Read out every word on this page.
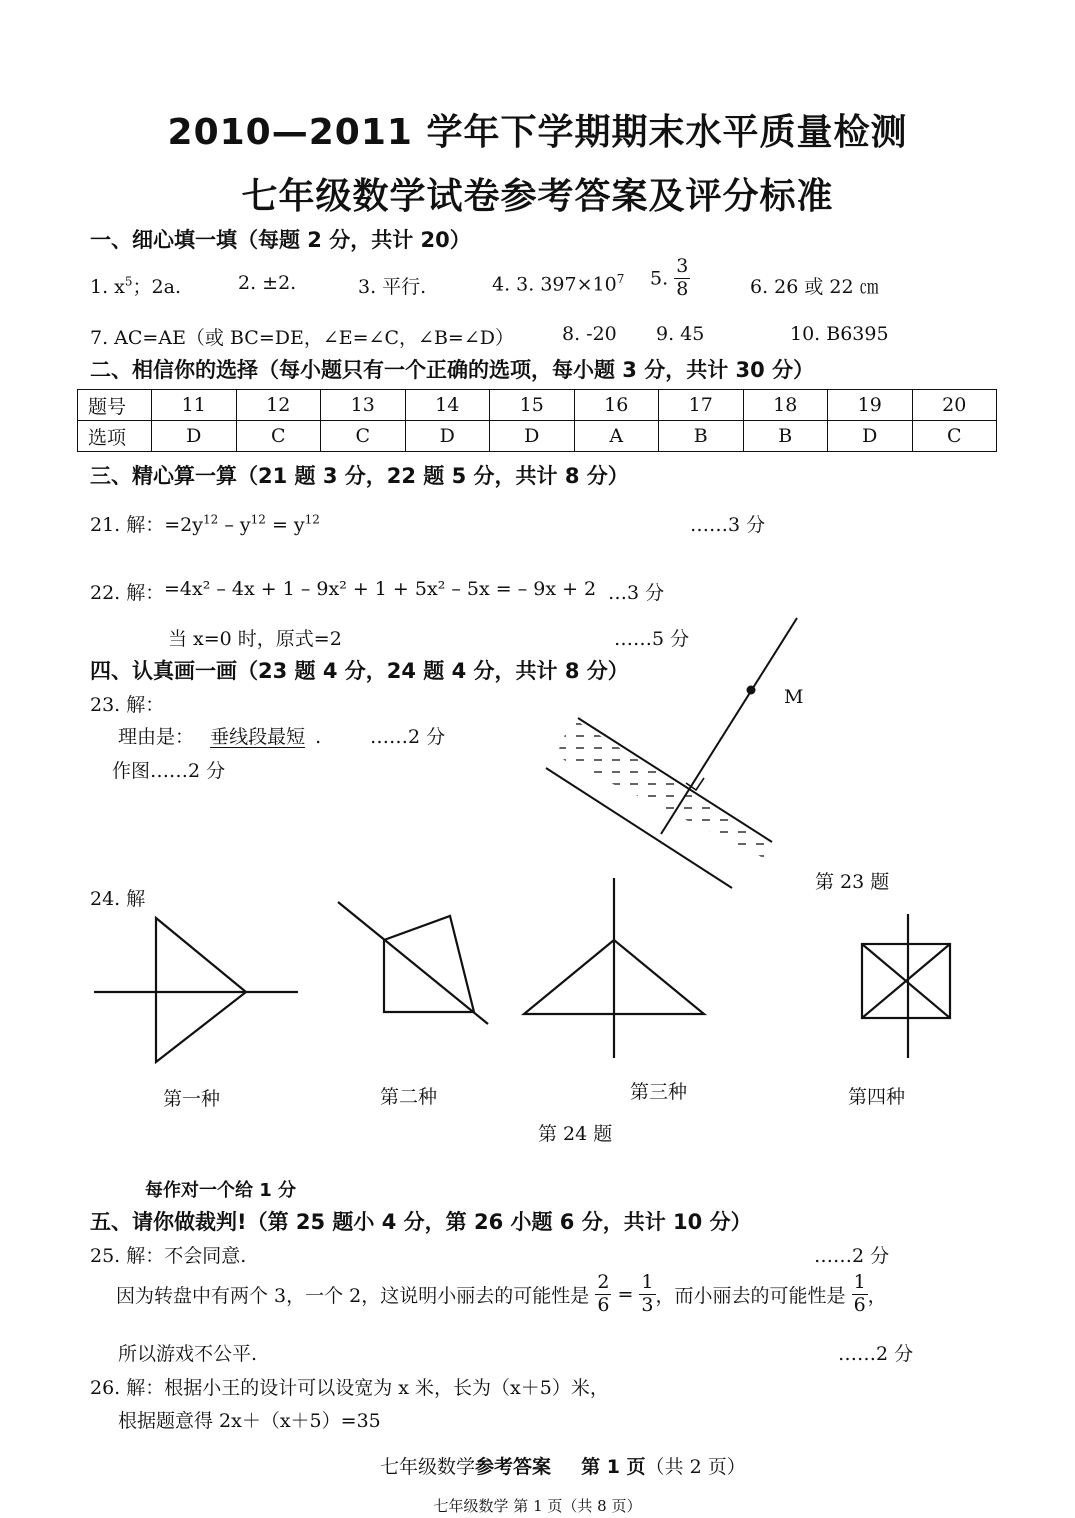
2010—2011 学年下学期期末水平质量检测
七年级数学试卷参考答案及评分标准
一、细心填一填（每题 2 分，共计 20）
1. $x^5$；2a.	2. ±2.	3. 平行.	4. 3. $397\times 10^7$ 5. $\frac{3}{8}$	6. 26 或 22 ㎝
7. AC=AE（或 BC=DE，∠E=∠C，∠B=∠D）	8. -20 9. 45	10. B6395
二、相信你的选择（每小题只有一个正确的选项，每小题 3 分，共计 30 分）
题号	11	12	13	14	15	16	17	18	19	20
选项	D	C	C	D	D	A	B	B	D	C
三、精心算一算（21 题 3 分，22 题 5 分，共计 8 分）
21. 解：$=2y^{12} - y^{12} = y^{12}$	……3 分
22. 解： =4x² – 4x + 1 – 9x² + 1 + 5x² – 5x = – 9x + 2 …3 分
当 x=0 时，原式=2	……5 分
四、认真画一画（23 题 4 分，24 题 4 分，共计 8 分）
23. 解：
理由是： 垂线段最短 .	……2 分
作图……2 分
M
第 23 题
24. 解
第一种	第二种	第三种	第四种
第 24 题
每作对一个给 1 分
五、请你做裁判!（第 25 题小 4 分，第 26 小题 6 分，共计 10 分）
25. 解：不会同意.	……2 分
因为转盘中有两个 3，一个 2，这说明小丽去的可能性是 $\frac{2}{6} = \frac{1}{3}$ ，而小丽去的可能性是 $\frac{1}{6}$ ，
所以游戏不公平.	……2 分
26. 解：根据小王的设计可以设宽为 x 米，长为（x＋5）米，
根据题意得 2x＋（x＋5）=35
七年级数学参考答案 第 1 页（共 2 页）
七年级数学 第 1 页（共 8 页）
